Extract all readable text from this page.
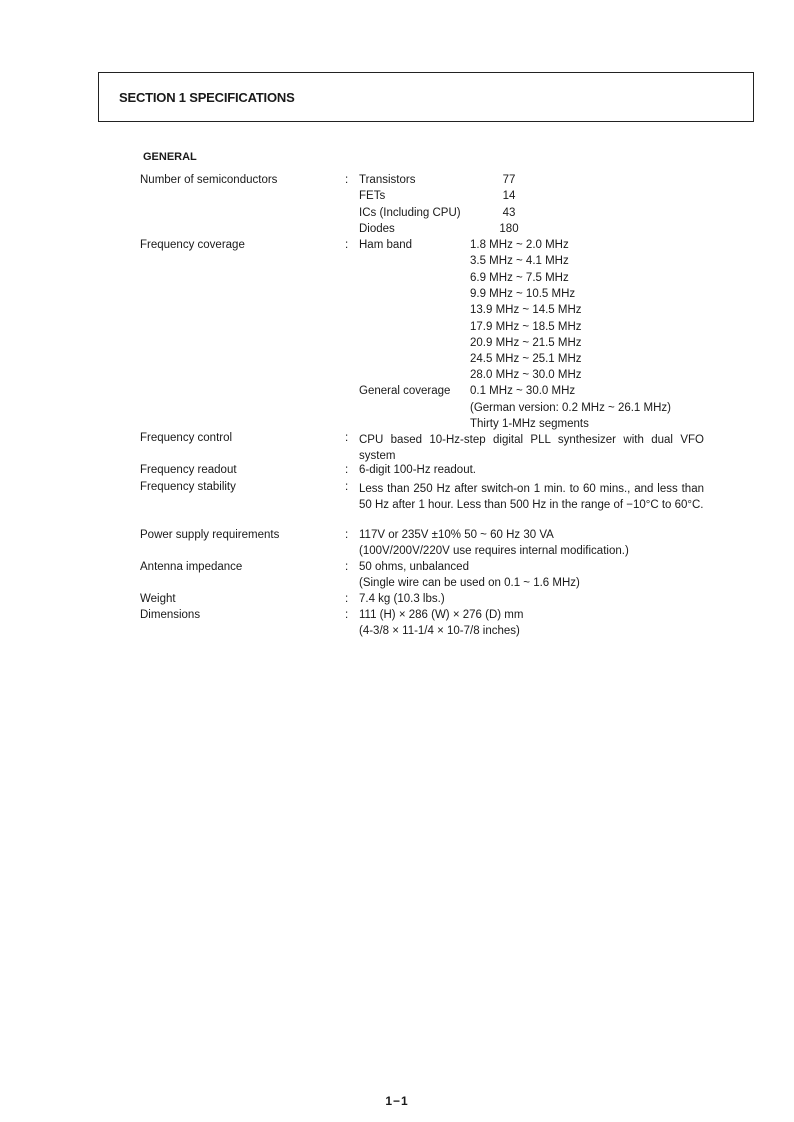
SECTION 1 SPECIFICATIONS
GENERAL
Number of semiconductors	: Transistors	77
FETs	14
ICs (Including CPU)	43
Diodes	180
Frequency coverage	: Ham band	1.8 MHz ~ 2.0 MHz
3.5 MHz ~ 4.1 MHz
6.9 MHz ~ 7.5 MHz
9.9 MHz ~ 10.5 MHz
13.9 MHz ~ 14.5 MHz
17.9 MHz ~ 18.5 MHz
20.9 MHz ~ 21.5 MHz
24.5 MHz ~ 25.1 MHz
28.0 MHz ~ 30.0 MHz
General coverage 0.1 MHz ~ 30.0 MHz
(German version: 0.2 MHz ~ 26.1 MHz)
Thirty 1-MHz segments
Frequency control	: CPU based 10-Hz-step digital PLL synthesizer with dual VFO system
Frequency readout	: 6-digit 100-Hz readout.
Frequency stability	: Less than 250 Hz after switch-on 1 min. to 60 mins., and less than 50 Hz after 1 hour. Less than 500 Hz in the range of −10°C to 60°C.
Power supply requirements	: 117V or 235V ±10% 50 ~ 60 Hz 30 VA
(100V/200V/220V use requires internal modification.)
Antenna impedance	: 50 ohms, unbalanced
(Single wire can be used on 0.1 ~ 1.6 MHz)
Weight	: 7.4 kg (10.3 lbs.)
Dimensions	: 111 (H) × 286 (W) × 276 (D) mm
(4-3/8 × 11-1/4 × 10-7/8 inches)
1−1
